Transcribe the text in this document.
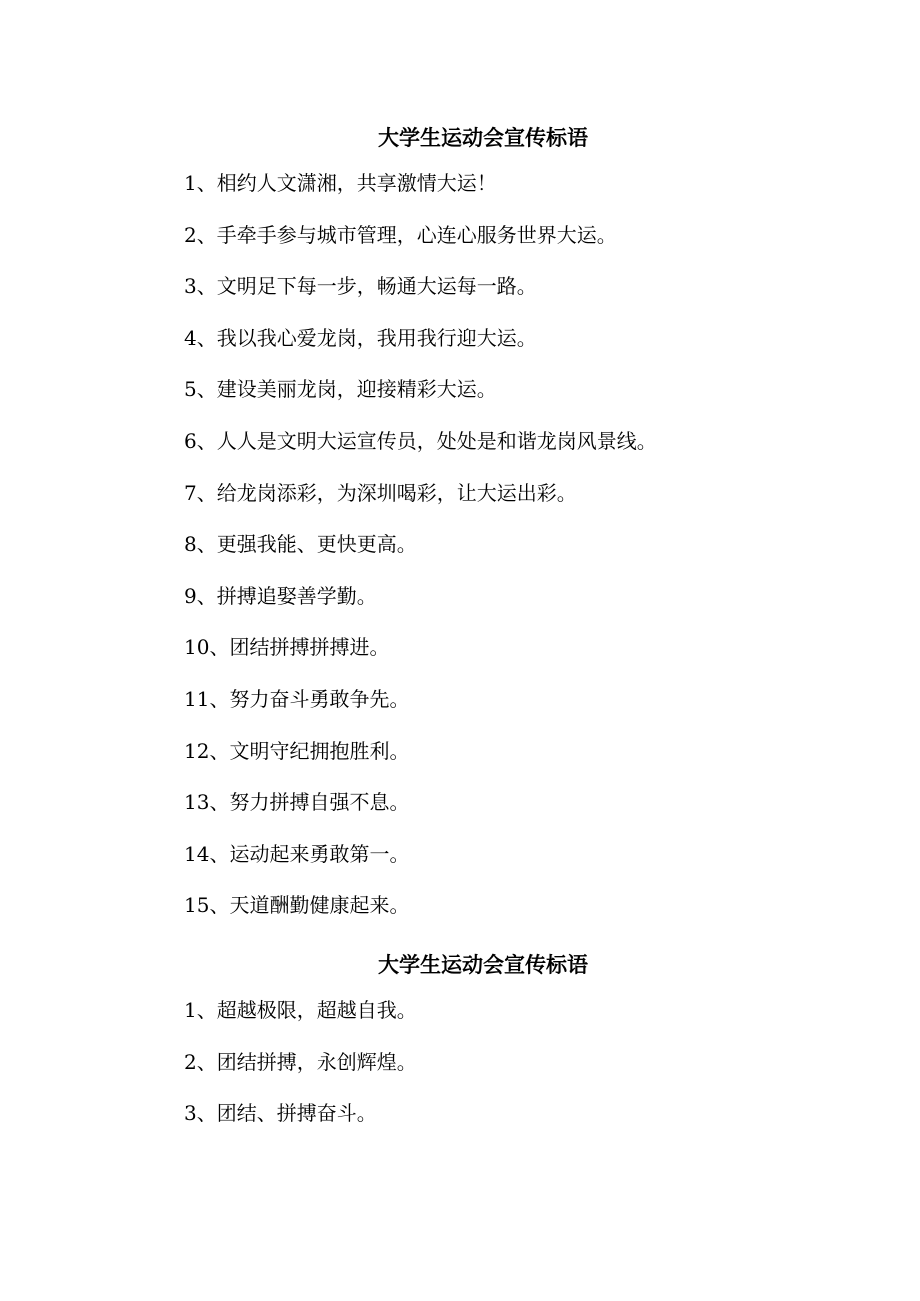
大学生运动会宣传标语
1、相约人文潇湘，共享激情大运！
2、手牵手参与城市管理，心连心服务世界大运。
3、文明足下每一步，畅通大运每一路。
4、我以我心爱龙岗，我用我行迎大运。
5、建设美丽龙岗，迎接精彩大运。
6、人人是文明大运宣传员，处处是和谐龙岗风景线。
7、给龙岗添彩，为深圳喝彩，让大运出彩。
8、更强我能、更快更高。
9、拼搏追娶善学勤。
10、团结拼搏拼搏进。
11、努力奋斗勇敢争先。
12、文明守纪拥抱胜利。
13、努力拼搏自强不息。
14、运动起来勇敢第一。
15、天道酬勤健康起来。
大学生运动会宣传标语
1、超越极限，超越自我。
2、团结拼搏，永创辉煌。
3、团结、拼搏奋斗。
